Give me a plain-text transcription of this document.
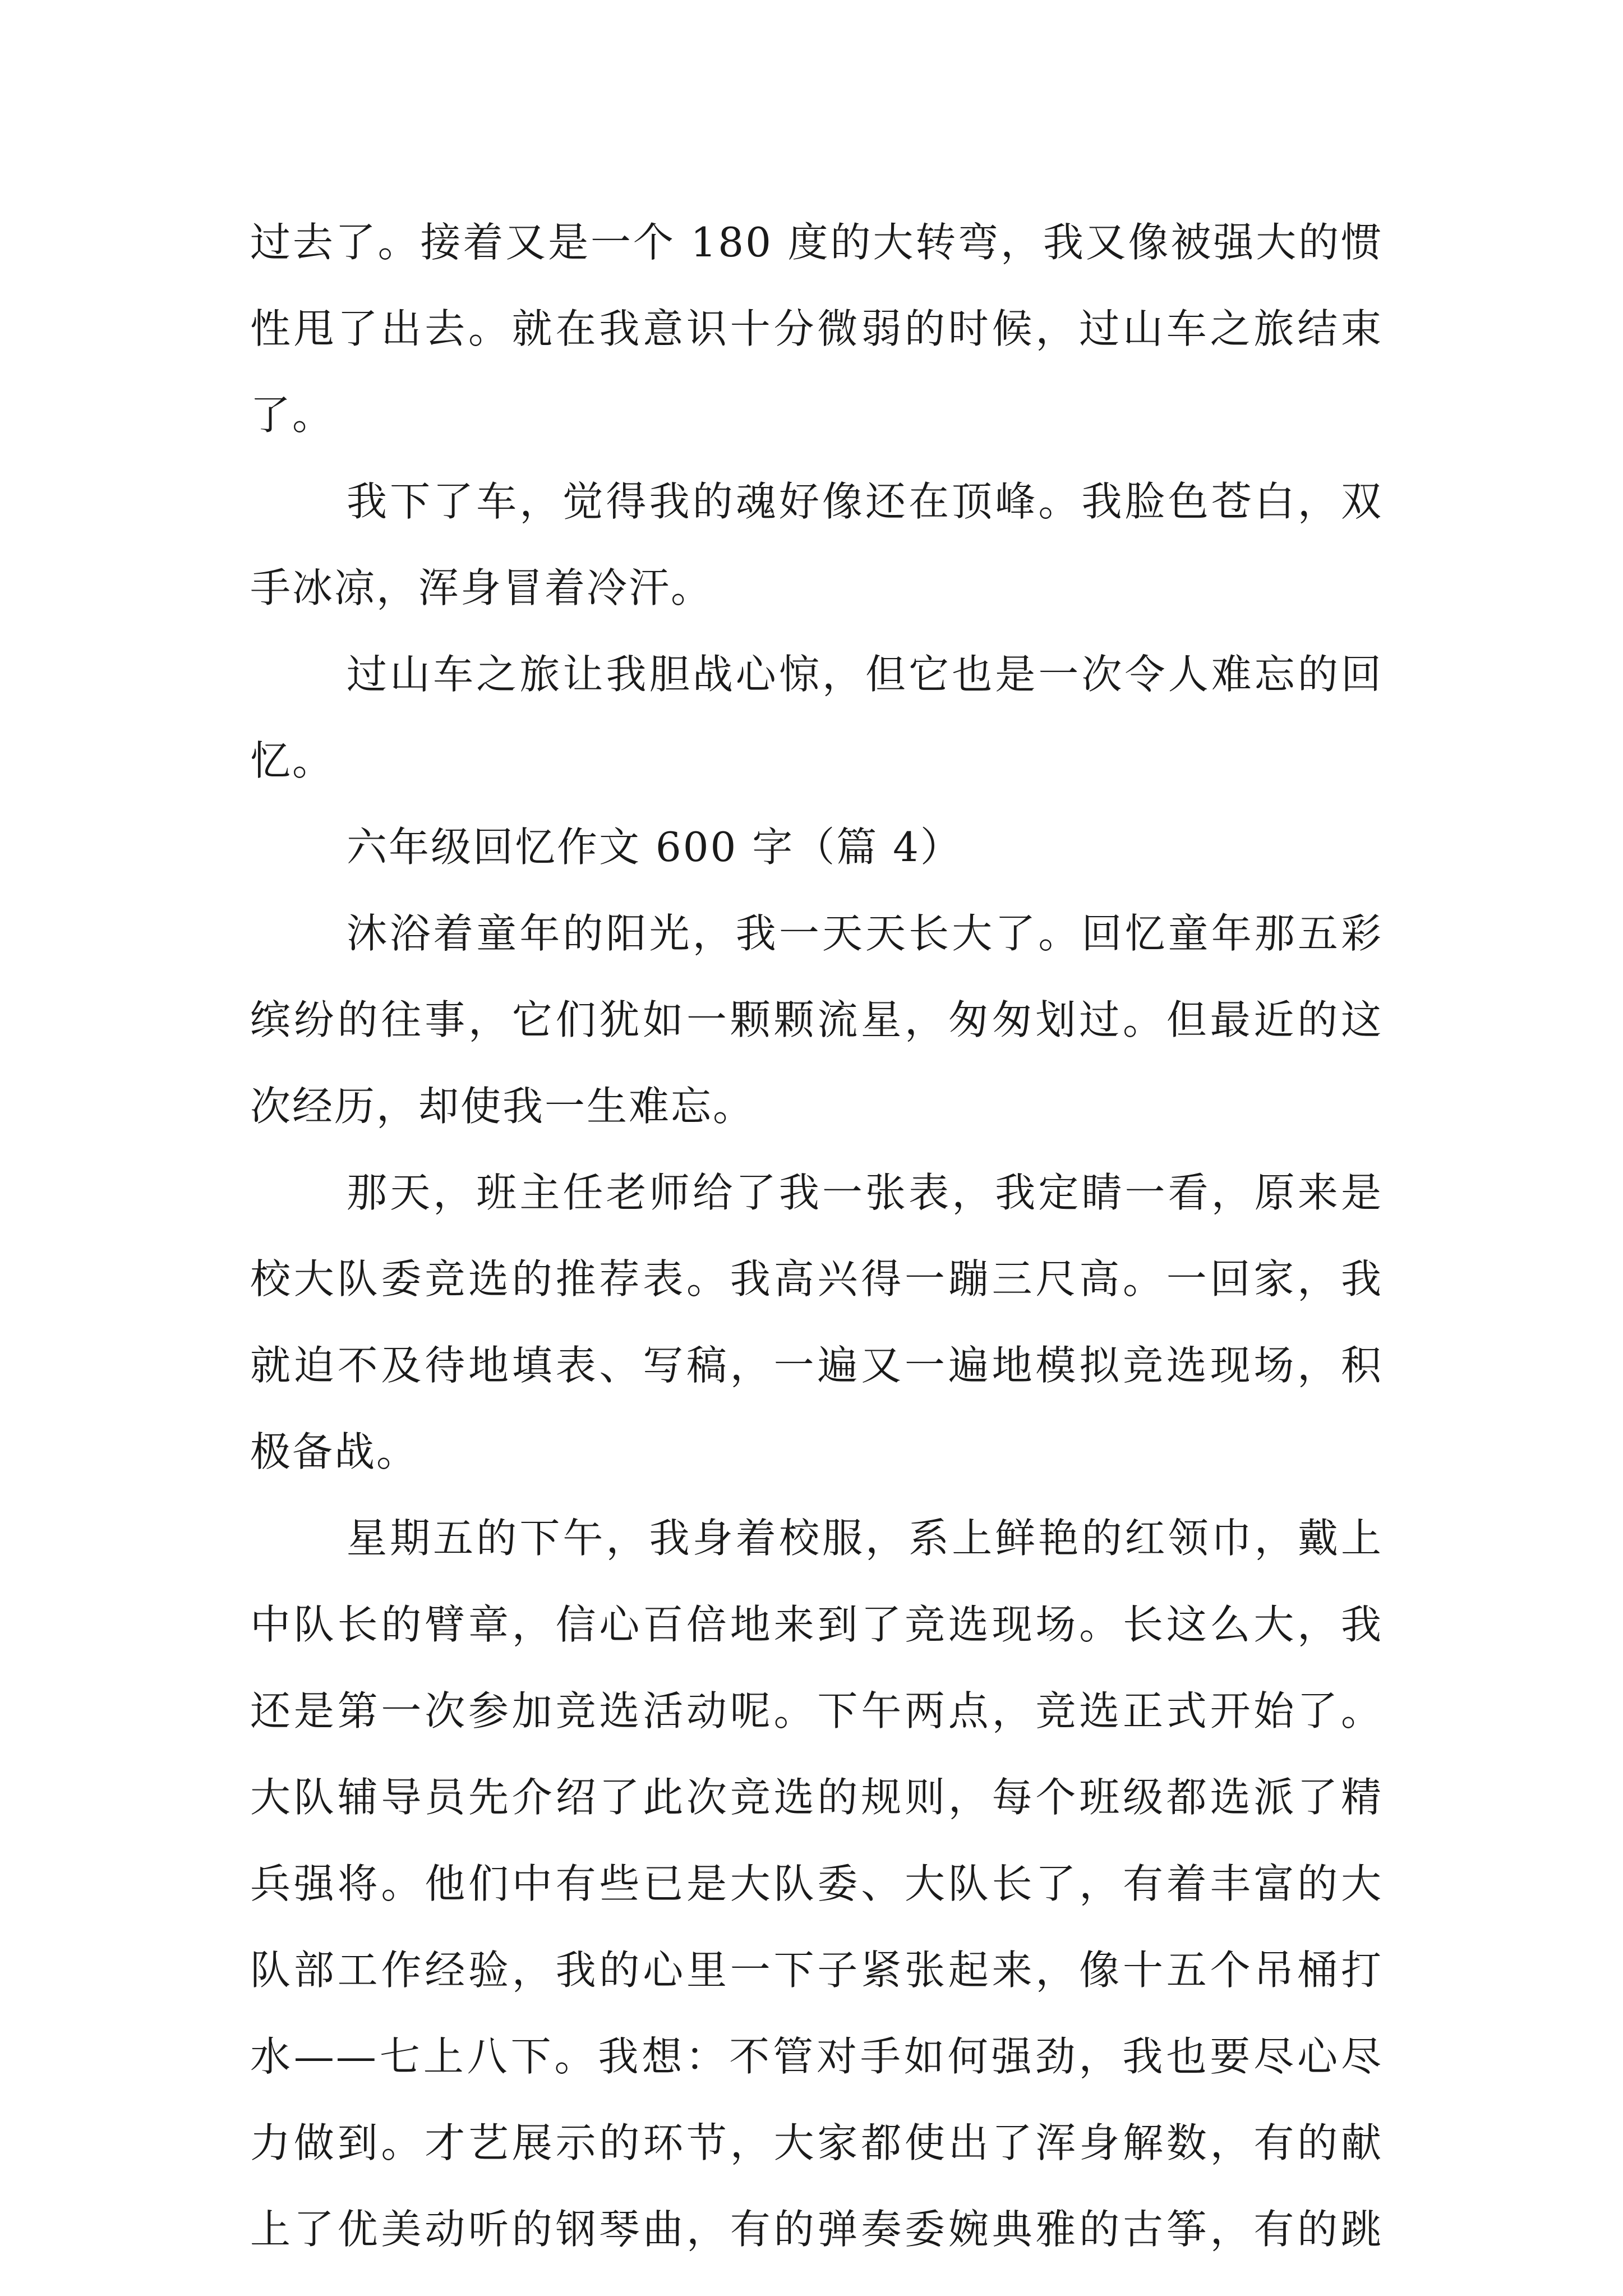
过去了。接着又是一个 180 度的大转弯，我又像被强大的惯
性甩了出去。就在我意识十分微弱的时候，过山车之旅结束
了。
我下了车，觉得我的魂好像还在顶峰。我脸色苍白，双
手冰凉，浑身冒着冷汗。
过山车之旅让我胆战心惊，但它也是一次令人难忘的回
忆。
六年级回忆作文 600 字（篇 4）
沐浴着童年的阳光，我一天天长大了。回忆童年那五彩
缤纷的往事，它们犹如一颗颗流星，匆匆划过。但最近的这
次经历，却使我一生难忘。
那天，班主任老师给了我一张表，我定睛一看，原来是
校大队委竞选的推荐表。我高兴得一蹦三尺高。一回家，我
就迫不及待地填表、写稿，一遍又一遍地模拟竞选现场，积
极备战。
星期五的下午，我身着校服，系上鲜艳的红领巾，戴上
中队长的臂章，信心百倍地来到了竞选现场。长这么大，我
还是第一次参加竞选活动呢。下午两点，竞选正式开始了。
大队辅导员先介绍了此次竞选的规则，每个班级都选派了精
兵强将。他们中有些已是大队委、大队长了，有着丰富的大
队部工作经验，我的心里一下子紧张起来，像十五个吊桶打
水——七上八下。我想：不管对手如何强劲，我也要尽心尽
力做到。才艺展示的环节，大家都使出了浑身解数，有的献
上了优美动听的钢琴曲，有的弹奏委婉典雅的古筝，有的跳
